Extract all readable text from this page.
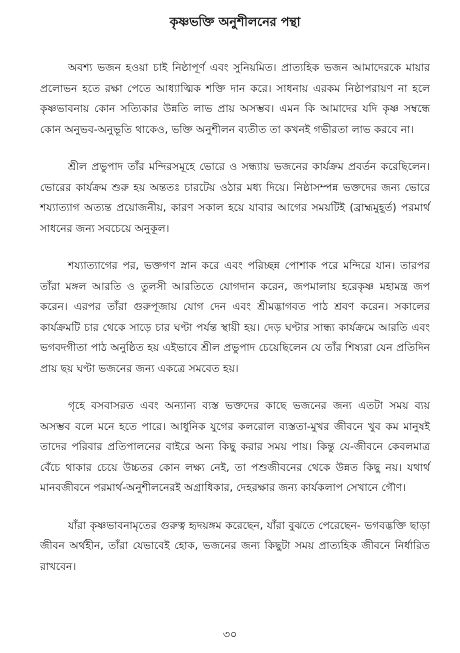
কৃষ্ণভক্তি অনুশীলনের পন্থা

অবশ্য ভজন হওয়া চাই নিষ্ঠাপূর্ণ এবং সুনিয়মিত। প্রাত্যহিক ভজন আমাদেরকে মায়ার প্রলোভন হতে রক্ষা পেতে আধ্যাত্মিক শক্তি দান করে। সাধনায় এরকম নিষ্ঠাপরায়ণ না হলে কৃষ্ণভাবনায় কোন সত্যিকার উন্নতি লাভ প্রায় অসম্ভব। এমন কি আমাদের যদি কৃষ্ণ সম্বন্ধে কোন অনুভব-অনুভূতি থাকেও, ভক্তি অনুশীলন ব্যতীত তা কখনই গভীরতা লাভ করবে না।

শ্রীল প্রভুপাদ তাঁর মন্দিরসমূহে ভোরে ও সন্ধ্যায় ভজনের কার্যক্রম প্রবর্তন করেছিলেন। ভোরের কার্যক্রম শুরু হয় অন্ততঃ চারটেয় ওঠার মধ্য দিয়ে। নিষ্ঠাসম্পন্ন ভক্তদের জন্য ভোরে শয্যাত্যাগ অত্যন্ত প্রয়োজনীয়, কারণ সকাল হয়ে যাবার আগের সময়টিই (ব্রাহ্মমুহূর্ত) পরমার্থ সাধনের জন্য সবচেয়ে অনুকূল।

শয্যাত্যাগের পর, ভক্তগণ স্নান করে এবং পরিচ্ছন্ন পোশাক পরে মন্দিরে যান। তারপর তাঁরা মঙ্গল আরতি ও তুলসী আরতিতে যোগদান করেন, জপমালায় হরেকৃষ্ণ মহামন্ত্র জপ করেন। এরপর তাঁরা গুরুপূজায় যোগ দেন এবং শ্রীমদ্ভাগবত পাঠ শ্রবণ করেন। সকালের কার্যক্রমটি চার থেকে সাড়ে চার ঘণ্টা পর্যন্ত স্থায়ী হয়। দেড় ঘণ্টার সান্ধ্য কার্যক্রমে আরতি এবং ভগবদগীতা পাঠ অনুষ্ঠিত হয় এইভাবে শ্রীল প্রভুপাদ চেয়েছিলেন যে তাঁর শিষ্যরা যেন প্রতিদিন প্রায় ছয় ঘণ্টা ভজনের জন্য একত্রে সমবেত হয়।

গৃহে বসবাসরত এবং অন্যান্য ব্যস্ত ভক্তদের কাছে ভজনের জন্য এতটা সময় ব্যয় অসম্ভব বলে মনে হতে পারে। আধুনিক যুগের কলরোল ব্যস্ততা-মুখর জীবনে খুব কম মানুষই তাদের পরিবার প্রতিপালনের বাইরে অন্য কিছু করার সময় পায়। কিন্তু যে-জীবনে কেবলমাত্র বেঁচে থাকার চেয়ে উচ্চতর কোন লক্ষ্য নেই, তা পশুজীবনের থেকে উন্নত কিছু নয়। যথার্থ মানবজীবনে পরমার্থ-অনুশীলনেরই অগ্রাধিকার, দেহরক্ষার জন্য কার্যকলাপ সেখানে গৌণ।

যাঁরা কৃষ্ণভাবনামৃতের গুরুত্ব হৃদয়ঙ্গম করেছেন, যাঁরা বুঝতে পেরেছেন- ভগবদ্ভক্তি ছাড়া জীবন অর্থহীন, তাঁরা যেভাবেই হোক, ভজনের জন্য কিছুটা সময় প্রাত্যহিক জীবনে নির্ধারিত রাখবেন।

৩০
